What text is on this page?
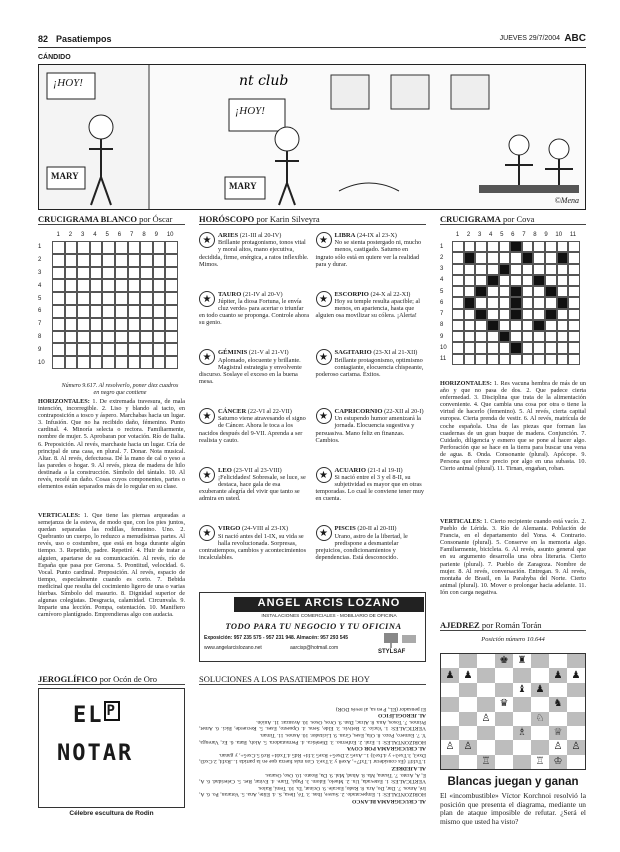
82 Pasatiempos	JUEVES 29/7/2004 ABC
CÁNDIDO
nt club
¡HOY!
¡HOY!
MARY
MARY
©Mena
CRUCIGRAMA BLANCO por Óscar
1 2 3 4 5 6 7 8 9 10
1
2
3
4
5
6
7
8
9
10
Número 9.617. Al resolverlo, poner diez cuadros en negro que contiene
HORIZONTALES: 1. De extremada travesura, de mala intención, incorregible. 2. Liso y blando al tacto, en contraposición a tosco y áspero. Marchabas hacia un lugar. 3. Infusión. Que no ha recibido daño, fémenino. Punto cardinal. 4. Minoría selecta o rectora. Familiarmente, nombre de mujer. 5. Aprobaran por votación. Río de Italia. 6. Preposición. Al revés, marchaste hacia un lugar. Cría de principal de una casa, en plural. 7. Donar. Nota musical. Altar. 8. Al revés, defectuosa. Dé la mano de cal o yeso a las paredes o hogar. 9. Al revés, pieza de madera de hilo destinada a la construcción. Símbolo del tántalo. 10. Al revés, recelé un daño. Cosas cuyos componentes, partes o elementos están separados más de lo regular en su clase.
VERTICALES: 1. Que tiene las piernas arqueadas a semejanza de la esteva, de modo que, con los pies juntos, quedan separadas las rodillas, femenino. Uno. 2. Quebranto un cuerpo, lo reduzco a menudísimas partes. Al revés, uso o costumbre, que está en boga durante algún tiempo. 3. Repetido, padre. Repetiré. 4. Huir de tratar a alguien, apartarse de su comunicación. Al revés, río de España que pasa por Gerona. 5. Prontitud, velocidad. 6. Vocal. Punto cardinal. Preposición. Al revés, espacio de tiempo, especialmente cuando es corto. 7. Bebida medicinal que resulta del cocimiento ligero de una o varias hierbas. Símbolo del masurio. 8. Dignidad superior de algunas colegiatas. Desgracia, calamidad. Circunvala. 9. Imparte una lección. Pompa, ostentación. 10. Manifiero carnívoro plantígrado. Emprendieras algo con audacia.
HORÓSCOPO por Karin Silveyra
★ ARIES (21-III al 20-IV)
Brillante protagonismo, tonos vital y moral altos, mano ejecutiva, decidida, firme, enérgica, a ratos inflexible. Mimos.
★ LIBRA (24-IX al 23-X)
No se sienta postergado ni, mucho menos, castigado. Saturno en ingrato sólo está en quiere ver la realidad para y durar.
★ TAURO (21-IV al 20-V)
Júpiter, la diosa Fortuna, le envía cluz verde» para acertar o triunfar en todo cuanto se proponga. Controle ahora su genio.
★ ESCORPIO (24-X al 22-XI)
Hoy su temple resulta apacible; al menos, en apariencia, hasta que alguien osa movilizar su cólera. ¡Alerta!
★ GÉMINIS (21-V al 21-VI)
Aplomado, elocuente y brillante. Magistral estrategia y envolvente discurso. Soslaye el exceso en la buena mesa.
★ SAGITARIO (23-XI al 21-XII)
Brillante protagonismo, optimismo contagiante, elocuencia chispeante, poderoso carisma. Éxitos.
★ CÁNCER (22-VI al 22-VII)
Saturno viene atravesando el signo de Cáncer. Ahora le toca a los nacidos después del 9-VII. Aprenda a ser realista y cauto.
★ CAPRICORNIO (22-XII al 20-I)
Un estupendo humor amenizará la jornada. Elocuencia sugestiva y persuasiva. Mano feliz en finanzas. Cambios.
★ LEO (23-VII al 23-VIII)
¡Felicidades! Sobresale, se luce, se destaca, hace gala de esa exuberante alegría del vivir que tanto se admira en usted.
★ ACUARIO (21-I al 19-II)
Si nació entre el 3 y el 8-II, su subjetividad es mayor que en otras temporadas. Lo cual le conviene tener muy en cuenta.
★ VIRGO (24-VIII al 23-IX)
Si nació antes del 1-IX, su vida se halla revolucionada. Sorpresas, contratiempos, cambios y acontecimientos incalculables.
★ PISCIS (20-II al 20-III)
Urano, astro de la libertad, le predispone a desmantelar prejuicios, condicionamientos y dependencias. Está desconocido.
ANGEL ARCIS LOZANO
INSTALACIONES COMERCIALES - MOBILIARIO DE OFICINA
TODO PARA TU NEGOCIO Y TU OFICINA
Exposición: 957 235 575 - 957 231 948. Almacén: 957 293 545
www.angelarcislozano.net	aarcisp@hotmail.com
STYLSAF
CRUCIGRAMA por Cova
1 2 3 4 5 6 7 8 9 10 11
1
2
3
4
5
6
7
8
9
10
11
HORIZONTALES: 1. Res vacuna hembra de más de un año y que no pasa de dos. 2. Que padece cierta enfermedad. 3. Disciplina que trata de la alimentación conveniente. 4. Que cambia una cosa por otra o tiene la virtud de hacerlo (femenino). 5. Al revés, cierta capital europea. Cierta prenda de vestir. 6. Al revés, matrícula de coche española. Una de las piezas que forman las cuadernas de un gran buque de madera. Conjunción. 7. Cuidado, diligencia y esmero que se pone al hacer algo. Perforación que se hace en la tierra para buscar una vena de agua. 8. Onda. Consonante (plural). Apócope. 9. Persona que ofrece precio por algo en una subasta. 10. Cierto animal (plural). 11. Tirnan, engañan, roban.
VERTICALES: 1. Cierto recipiente cuando está vacío. 2. Pueblo de Lérida. 3. Río de Alemania. Población de Francia, en el departamento del Yona. 4. Contrario. Consonante (plural). 5. Conserve en la memoria algo. Familiarmente, bicicleta. 6. Al revés, asunto general que en su argumento desarrolla una obra literaria. Cierto pariente (plural). 7. Pueblo de Zaragoza. Nombre de mujer. 8. Al revés, conversación. Entregan. 9. Al revés, montaña de Brasil, en la Parahyba del Norte. Cierto animal (plural). 10. Mover o prolongar hacia adelante. 11. Ión con carga negativa.
AJEDREZ por Román Torán
Posición número 10.644
♚ ♜
♟ ♟	♟ ♟
♝ ♟
♛	♞
♙	♘
♗	♕
♙ ♙	♙ ♙
♖	♖ ♔
Blancas juegan y ganan
El «incombustible» Víctor Korchnoi resolvió la posición que presenta el diagrama, mediante un plan de ataque imposible de refutar. ¿Será el mismo que usted ha visto?
JEROGLÍFICO por Ocón de Oro
EL $^P$
NOTAR
Célebre escultura de Rodin
SOLUCIONES A LOS PASATIEMPOS DE HOY
AL CRUCIGRAMA BLANCO
HORIZONTALES: 1. Empecatado. 2. Suave, Ibas. 3. Té, Ilesa, S. 4. Elite, Ana. 5. Votaran, Po. 6. A, Iré, Amos. 7. Dar, Do, Ara. 8. Rado, Encale. 9. Ocinat, Ta. 10. Temí, Ralos.
VERTICALES: 1. Estevada, Un. 2. Muelo, Edom. 3. Papá, Tiare. 4. Evitar, Ret. 5. Celeridad. 6. A, E, A, Arato. 7. Tisana, Ma. 8. Abad, Mal. 9. Da, Boato. 10. Oso, Osaras.
AL AJEDREZ
1.Txf4!! (Es considerar 1.Txf7+, Axe8 y 3.Txe3. Con más fuerza que en la partida 1...Rxf4, 2.Cxd3, Dxe3, 3.Txe3+ y 4.fxe3) 1...Axe5 2.Dxe5+ Rxe5 3.f4+ Rd5 4.Txd4+ Rc6 5.Cxe5+, y ganan.
AL CRUCIGRAMA POR COVA
HORIZONTALES: 1. Eral. 2. Enfermo. 3. Dietética. 4. Permutadora. 5. Aloh, Bata. 6. Ec, Varenga, Y. 7. Esmero, Pozo. 8. Ola, Eses, Gran. 9. Licitador. 10. Asnos. 11. Timan.
VERTICALES: 1. Vacío. 2. Bellvís. 3. Elde, Sens. 4. Opuesto, Eses. 5. Recuerde, Bici. 6. Amet, Primos. 7. Tosos, Ana. 8. Alrac, Dan. 9. Oros, Osos. 10. Avanzar. 11. Anión.
AL JEROGLÍFICO
El pensador (EL, P en sa, al revés DOR)
